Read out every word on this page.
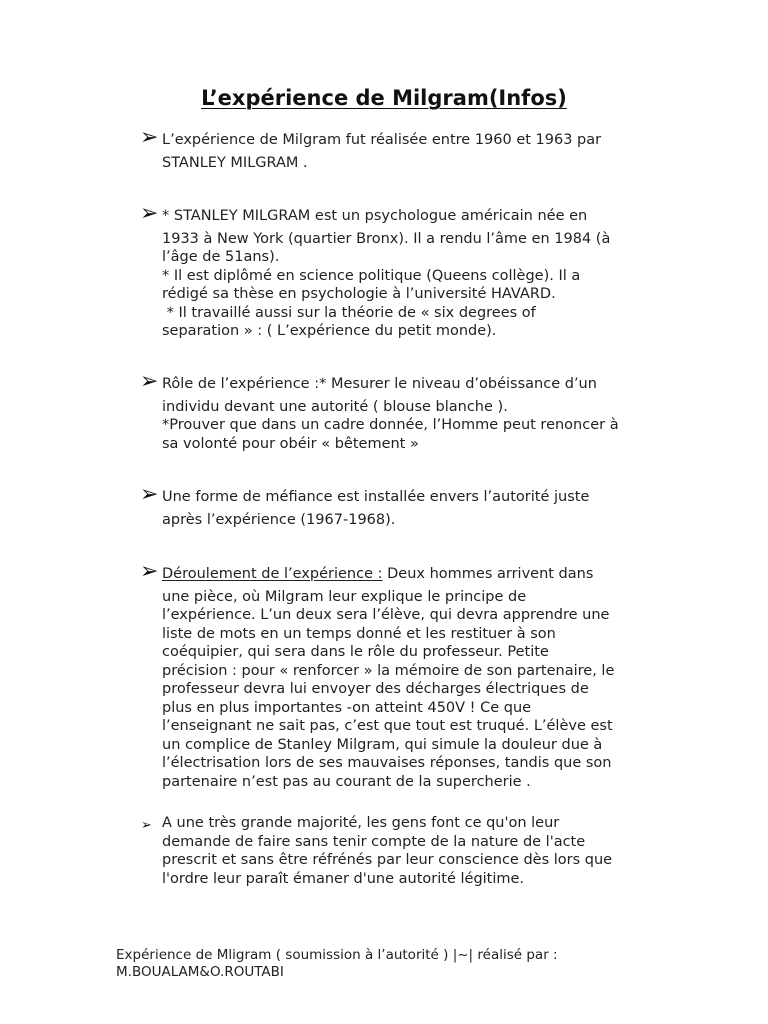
L’expérience de Milgram(Infos)
➢ L’expérience de Milgram fut réalisée entre 1960 et 1963 par

STANLEY MILGRAM .

➢ * STANLEY MILGRAM est un psychologue américain née en

1933 à New York (quartier Bronx). Il a rendu l’âme en 1984 (à

l’âge de 51ans).

* Il est diplômé en science politique (Queens collège). Il a

rédigé sa thèse en psychologie à l’université HAVARD.

* Il travaillé aussi sur la théorie de « six degrees of

separation » : ( L’expérience du petit monde).

➢ Rôle de l’expérience :* Mesurer le niveau d’obéissance d’un

individu devant une autorité ( blouse blanche ).

*Prouver que dans un cadre donnée, l’Homme peut renoncer à

sa volonté pour obéir « bêtement »

➢ Une forme de méfiance est installée envers l’autorité juste

après l’expérience (1967-1968).

➢ Déroulement de l’expérience : Deux hommes arrivent dans

une pièce, où Milgram leur explique le principe de

l’expérience. L’un deux sera l’élève, qui devra apprendre une

liste de mots en un temps donné et les restituer à son

coéquipier, qui sera dans le rôle du professeur. Petite

précision : pour « renforcer » la mémoire de son partenaire, le

professeur devra lui envoyer des décharges électriques de

plus en plus importantes -on atteint 450V ! Ce que

l’enseignant ne sait pas, c’est que tout est truqué. L’élève est

un complice de Stanley Milgram, qui simule la douleur due à

l’électrisation lors de ses mauvaises réponses, tandis que son

partenaire n’est pas au courant de la supercherie .

➢ A une très grande majorité, les gens font ce qu'on leur

demande de faire sans tenir compte de la nature de l'acte

prescrit et sans être réfrénés par leur conscience dès lors que

l'ordre leur paraît émaner d'une autorité légitime.

Expérience de Mligram ( soumission à l’autorité ) |~| réalisé par :
M.BOUALAM&O.ROUTABI
